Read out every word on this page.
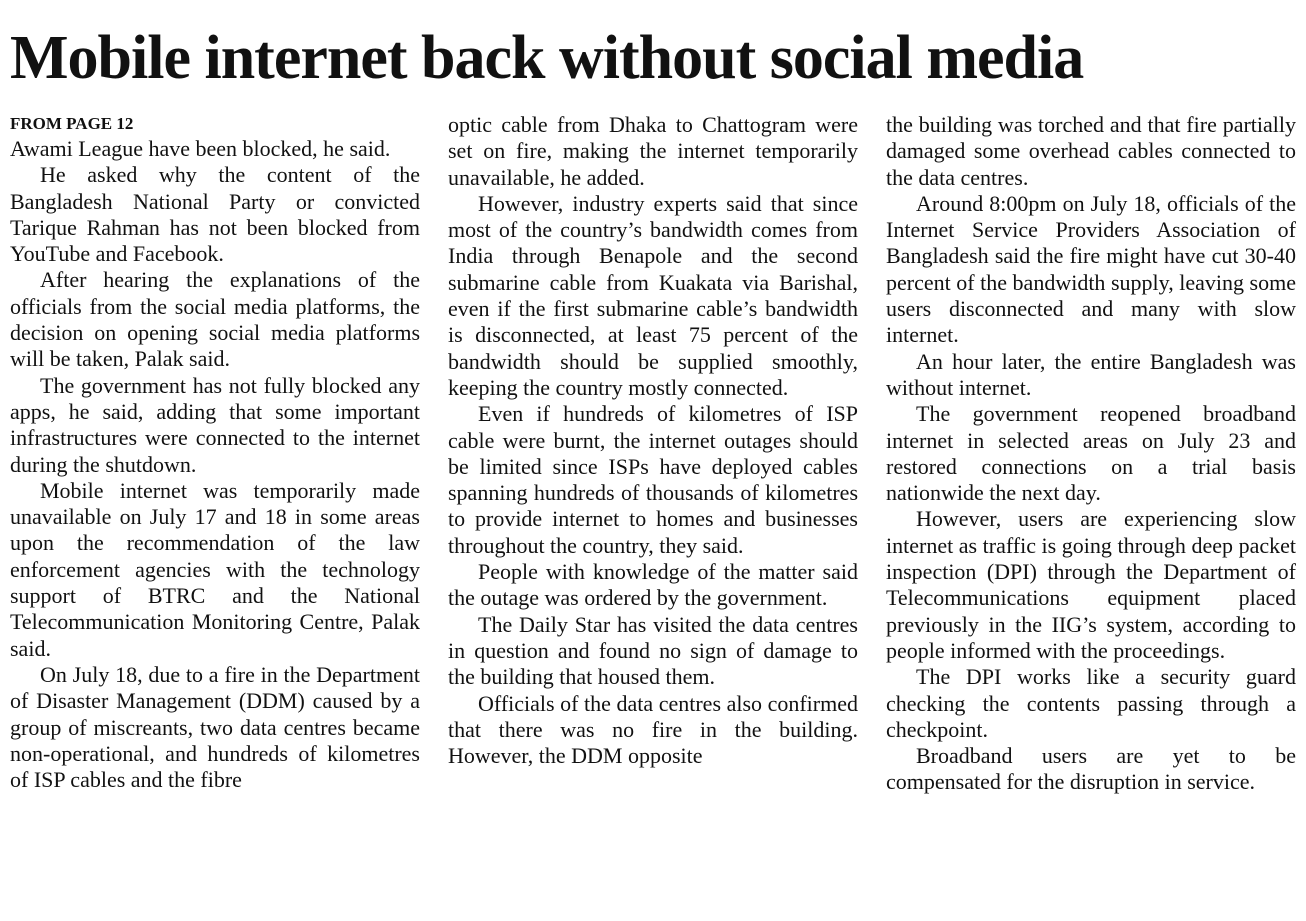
Mobile internet back without social media
FROM PAGE 12

Awami League have been blocked, he said.

He asked why the content of the Bangladesh National Party or convicted Tarique Rahman has not been blocked from YouTube and Facebook.

After hearing the explanations of the officials from the social media platforms, the decision on opening social media platforms will be taken, Palak said.

The government has not fully blocked any apps, he said, adding that some important infrastructures were connected to the internet during the shutdown.

Mobile internet was temporarily made unavailable on July 17 and 18 in some areas upon the recommendation of the law enforcement agencies with the technology support of BTRC and the National Telecommunication Monitoring Centre, Palak said.

On July 18, due to a fire in the Department of Disaster Management (DDM) caused by a group of miscreants, two data centres became non-operational, and hundreds of kilometres of ISP cables and the fibre

optic cable from Dhaka to Chattogram were set on fire, making the internet temporarily unavailable, he added.

However, industry experts said that since most of the country’s bandwidth comes from India through Benapole and the second submarine cable from Kuakata via Barishal, even if the first submarine cable’s bandwidth is disconnected, at least 75 percent of the bandwidth should be supplied smoothly, keeping the country mostly connected.

Even if hundreds of kilometres of ISP cable were burnt, the internet outages should be limited since ISPs have deployed cables spanning hundreds of thousands of kilometres to provide internet to homes and businesses throughout the country, they said.

People with knowledge of the matter said the outage was ordered by the government.

The Daily Star has visited the data centres in question and found no sign of damage to the building that housed them.

Officials of the data centres also confirmed that there was no fire in the building. However, the DDM opposite

the building was torched and that fire partially damaged some overhead cables connected to the data centres.

Around 8:00pm on July 18, officials of the Internet Service Providers Association of Bangladesh said the fire might have cut 30-40 percent of the bandwidth supply, leaving some users disconnected and many with slow internet.

An hour later, the entire Bangladesh was without internet.

The government reopened broadband internet in selected areas on July 23 and restored connections on a trial basis nationwide the next day.

However, users are experiencing slow internet as traffic is going through deep packet inspection (DPI) through the Department of Telecommunications equipment placed previously in the IIG’s system, according to people informed with the proceedings.

The DPI works like a security guard checking the contents passing through a checkpoint.

Broadband users are yet to be compensated for the disruption in service.
